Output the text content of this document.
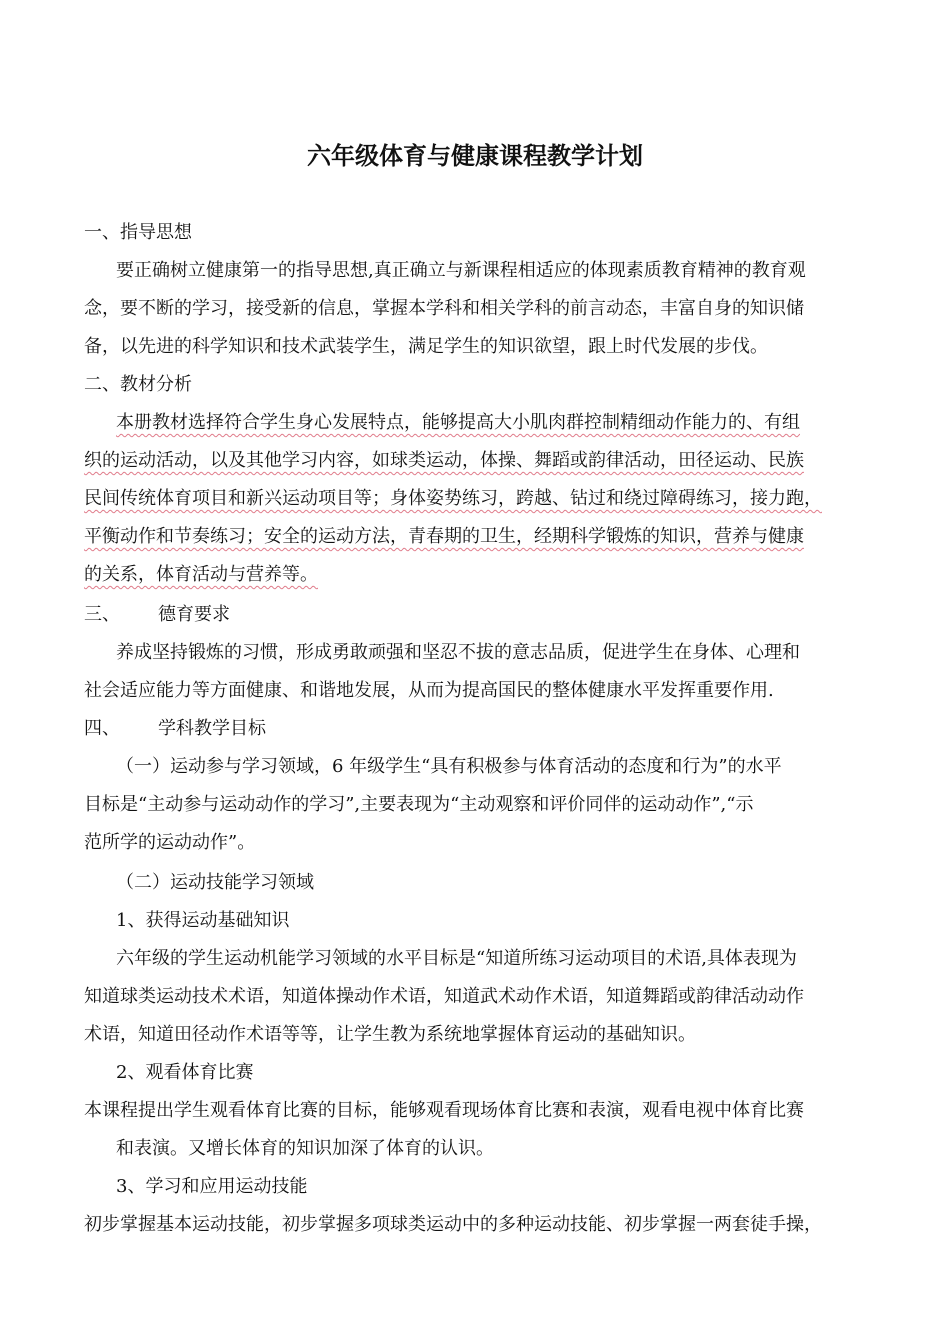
六年级体育与健康课程教学计划
一、指导思想
要正确树立健康第一的指导思想,真正确立与新课程相适应的体现素质教育精神的教育观
念，要不断的学习，接受新的信息，掌握本学科和相关学科的前言动态，丰富自身的知识储
备，以先进的科学知识和技术武装学生，满足学生的知识欲望，跟上时代发展的步伐。
二、教材分析
本册教材选择符合学生身心发展特点，能够提高大小肌肉群控制精细动作能力的、有组
织的运动活动，以及其他学习内容，如球类运动，体操、舞蹈或韵律活动，田径运动、民族
民间传统体育项目和新兴运动项目等；身体姿势练习，跨越、钻过和绕过障碍练习，接力跑，
平衡动作和节奏练习；安全的运动方法，青春期的卫生，经期科学锻炼的知识，营养与健康
的关系，体育活动与营养等。
三、 德育要求
养成坚持锻炼的习惯，形成勇敢顽强和坚忍不拔的意志品质，促进学生在身体、心理和
社会适应能力等方面健康、和谐地发展，从而为提高国民的整体健康水平发挥重要作用.
四、 学科教学目标
（一）运动参与学习领域，6 年级学生“具有积极参与体育活动的态度和行为”的水平
目标是“主动参与运动动作的学习”,主要表现为“主动观察和评价同伴的运动动作”,“示
范所学的运动动作”。
（二）运动技能学习领域
1、获得运动基础知识
六年级的学生运动机能学习领域的水平目标是“知道所练习运动项目的术语,具体表现为
知道球类运动技术术语，知道体操动作术语，知道武术动作术语，知道舞蹈或韵律活动动作
术语，知道田径动作术语等等，让学生教为系统地掌握体育运动的基础知识。
2、观看体育比赛
本课程提出学生观看体育比赛的目标，能够观看现场体育比赛和表演，观看电视中体育比赛
和表演。又增长体育的知识加深了体育的认识。
3、学习和应用运动技能
初步掌握基本运动技能，初步掌握多项球类运动中的多种运动技能、初步掌握一两套徒手操，
